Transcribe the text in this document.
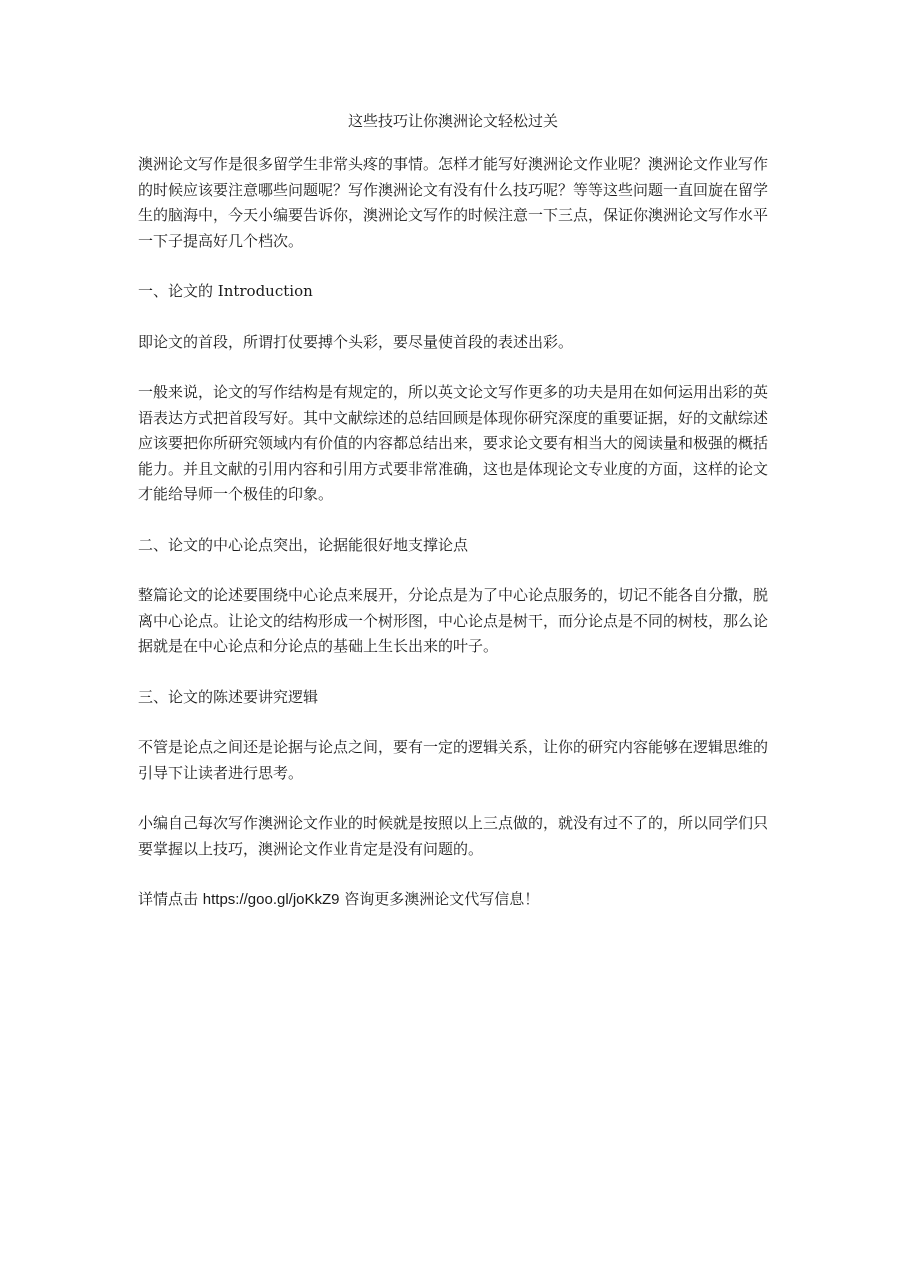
这些技巧让你澳洲论文轻松过关

澳洲论文写作是很多留学生非常头疼的事情。怎样才能写好澳洲论文作业呢？澳洲论文作业写作的时候应该要注意哪些问题呢？写作澳洲论文有没有什么技巧呢？等等这些问题一直回旋在留学生的脑海中，今天小编要告诉你，澳洲论文写作的时候注意一下三点，保证你澳洲论文写作水平一下子提高好几个档次。

一、论文的 Introduction

即论文的首段，所谓打仗要搏个头彩，要尽量使首段的表述出彩。

一般来说，论文的写作结构是有规定的，所以英文论文写作更多的功夫是用在如何运用出彩的英语表达方式把首段写好。其中文献综述的总结回顾是体现你研究深度的重要证据，好的文献综述应该要把你所研究领域内有价值的内容都总结出来，要求论文要有相当大的阅读量和极强的概括能力。并且文献的引用内容和引用方式要非常准确，这也是体现论文专业度的方面，这样的论文才能给导师一个极佳的印象。

二、论文的中心论点突出，论据能很好地支撑论点

整篇论文的论述要围绕中心论点来展开，分论点是为了中心论点服务的，切记不能各自分撒，脱离中心论点。让论文的结构形成一个树形图，中心论点是树干，而分论点是不同的树枝，那么论据就是在中心论点和分论点的基础上生长出来的叶子。

三、论文的陈述要讲究逻辑

不管是论点之间还是论据与论点之间，要有一定的逻辑关系，让你的研究内容能够在逻辑思维的引导下让读者进行思考。

小编自己每次写作澳洲论文作业的时候就是按照以上三点做的，就没有过不了的，所以同学们只要掌握以上技巧，澳洲论文作业肯定是没有问题的。

详情点击 https://goo.gl/joKkZ9 咨询更多澳洲论文代写信息！
